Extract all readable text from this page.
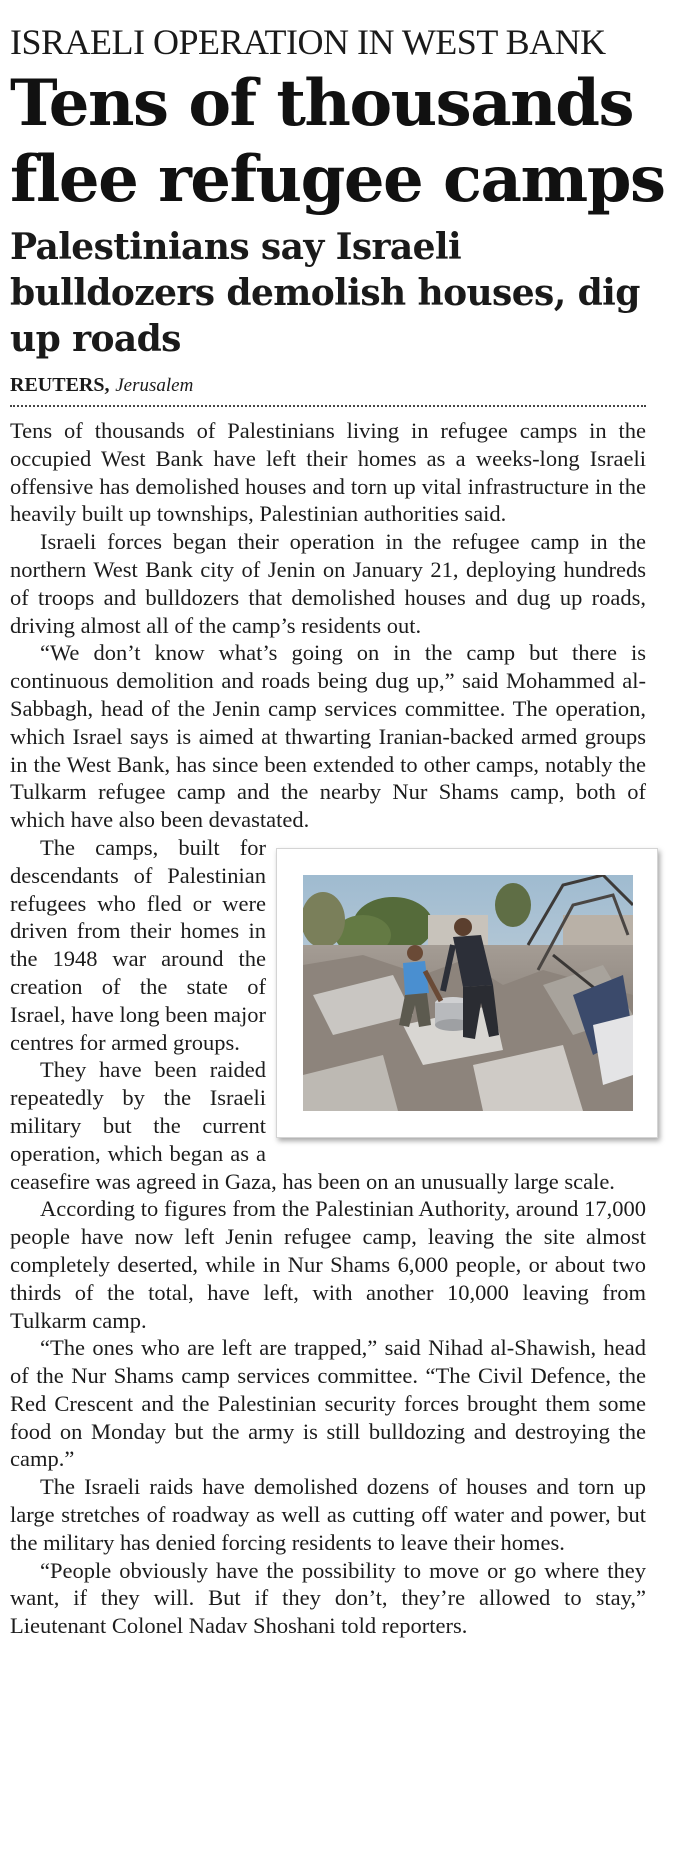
ISRAELI OPERATION IN WEST BANK
Tens of thousands flee refugee camps
Palestinians say Israeli bulldozers demolish houses, dig up roads
REUTERS, Jerusalem

Tens of thousands of Palestinians living in refugee camps in the occupied West Bank have left their homes as a weeks-long Israeli offensive has demolished houses and torn up vital infrastructure in the heavily built up townships, Palestinian authorities said.

Israeli forces began their operation in the refugee camp in the northern West Bank city of Jenin on January 21, deploying hundreds of troops and bulldozers that demolished houses and dug up roads, driving almost all of the camp’s residents out.

“We don’t know what’s going on in the camp but there is continuous demolition and roads being dug up,” said Mohammed al-Sabbagh, head of the Jenin camp services committee. The operation, which Israel says is aimed at thwarting Iranian-backed armed groups in the West Bank, has since been extended to other camps, notably the Tulkarm refugee camp and the nearby Nur Shams camp, both of which have also been devastated.

The camps, built for descendants of Palestinian refugees who fled or were driven from their homes in the 1948 war around the creation of the state of Israel, have long been major centres for armed groups.

They have been raided repeatedly by the Israeli military but the current operation, which began as a ceasefire was agreed in Gaza, has been on an unusually large scale.

According to figures from the Palestinian Authority, around 17,000 people have now left Jenin refugee camp, leaving the site almost completely deserted, while in Nur Shams 6,000 people, or about two thirds of the total, have left, with another 10,000 leaving from Tulkarm camp.

“The ones who are left are trapped,” said Nihad al-Shawish, head of the Nur Shams camp services committee. “The Civil Defence, the Red Crescent and the Palestinian security forces brought them some food on Monday but the army is still bulldozing and destroying the camp.”

The Israeli raids have demolished dozens of houses and torn up large stretches of roadway as well as cutting off water and power, but the military has denied forcing residents to leave their homes.

“People obviously have the possibility to move or go where they want, if they will. But if they don’t, they’re allowed to stay,” Lieutenant Colonel Nadav Shoshani told reporters.
